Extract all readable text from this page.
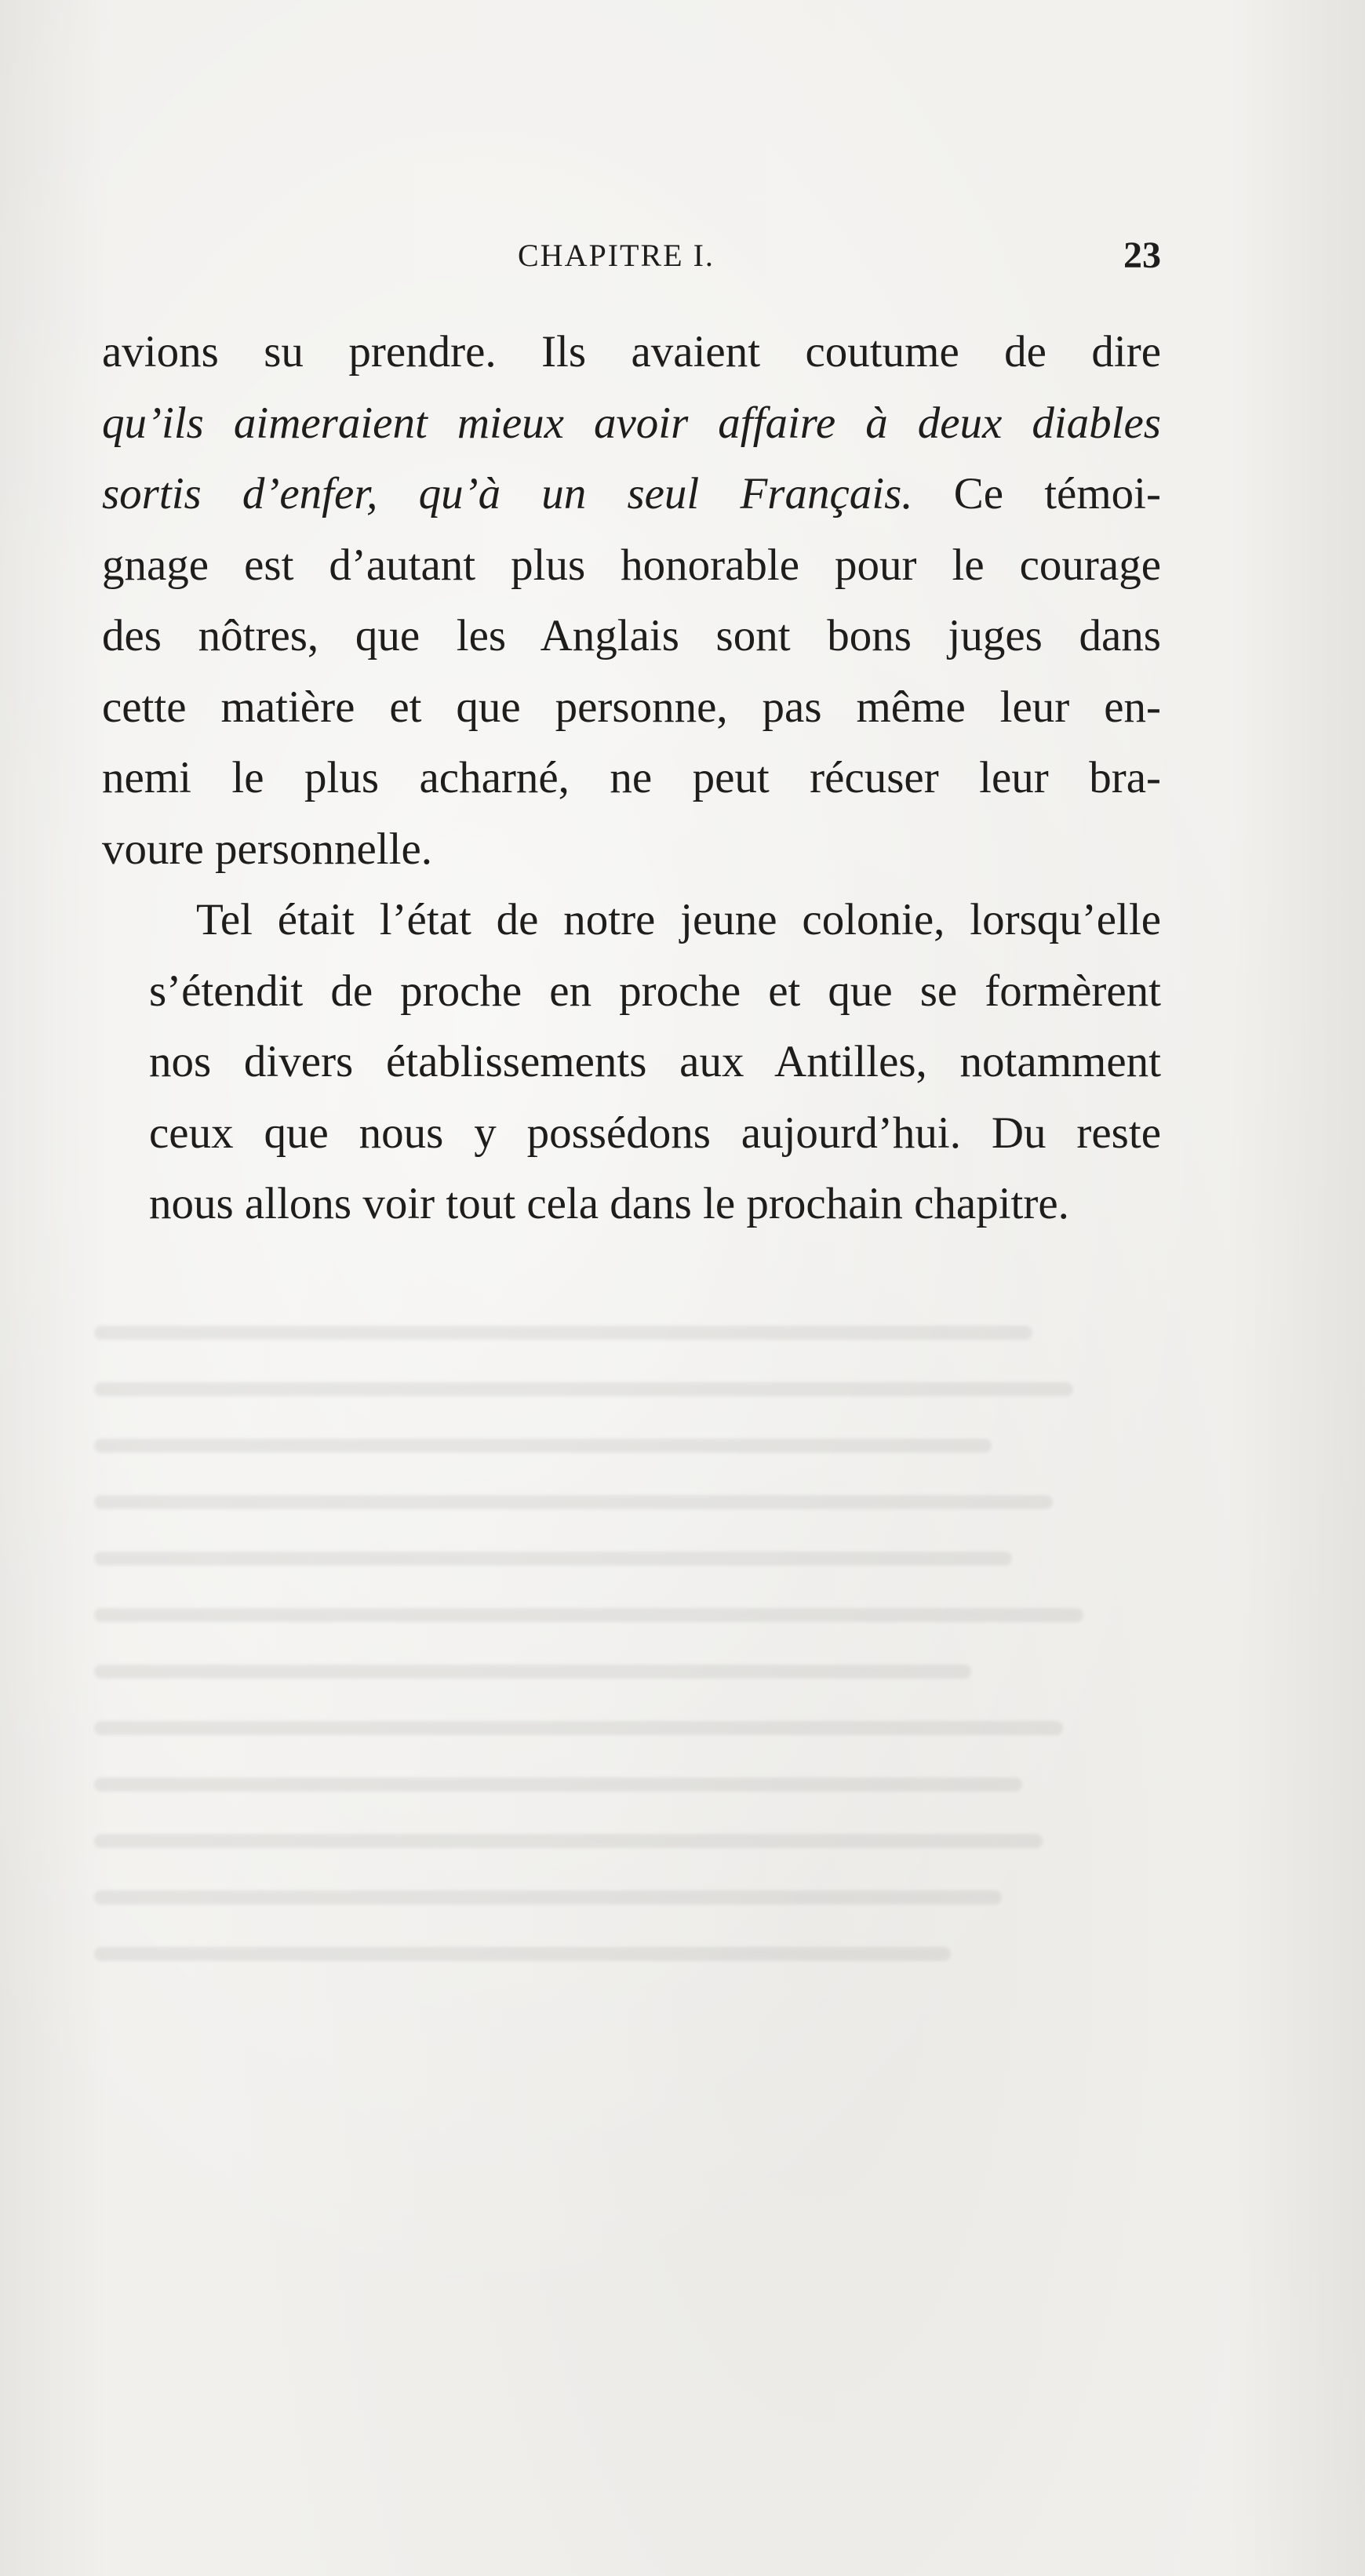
CHAPITRE I.	23
avions su prendre. Ils avaient coutume de dire
qu’ils aimeraient mieux avoir affaire à deux diables
sortis d’enfer, qu’à un seul Français. Ce témoi-
gnage est d’autant plus honorable pour le courage
des nôtres, que les Anglais sont bons juges dans
cette matière et que personne, pas même leur en-
nemi le plus acharné, ne peut récuser leur bra-
voure personnelle.
Tel était l’état de notre jeune colonie, lorsqu’elle
s’étendit de proche en proche et que se formèrent
nos divers établissements aux Antilles, notamment
ceux que nous y possédons aujourd’hui. Du reste
nous allons voir tout cela dans le prochain chapitre.
